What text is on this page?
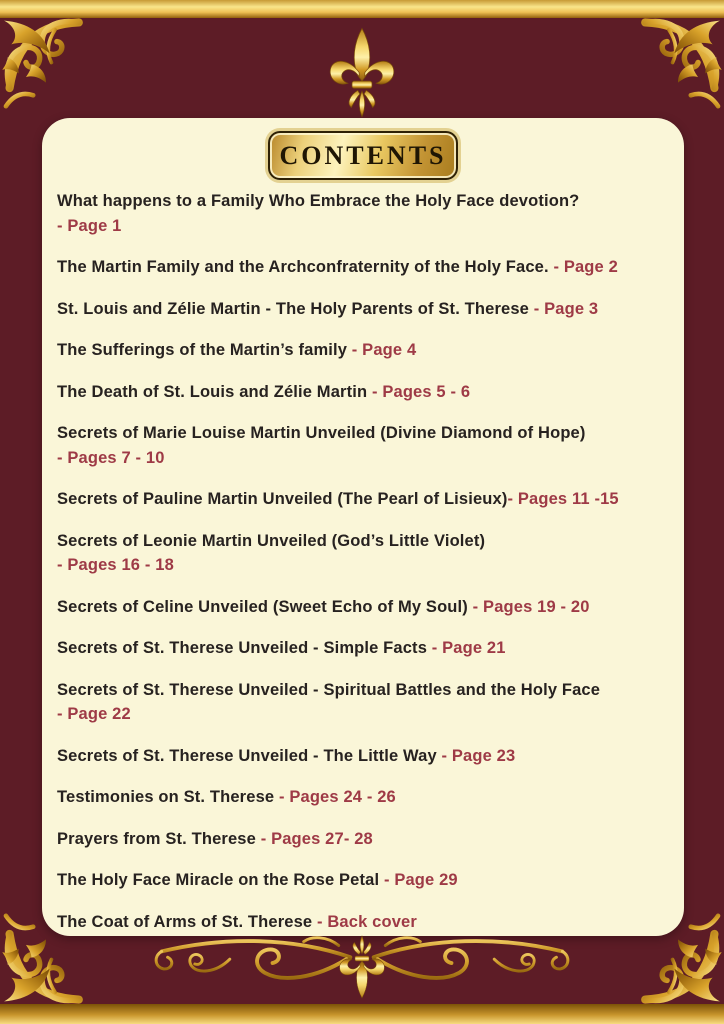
CONTENTS
What happens to a Family Who Embrace the Holy Face devotion?
- Page 1
The Martin Family and the Archconfraternity of the Holy Face. - Page 2
St. Louis and Zélie Martin - The Holy Parents of St. Therese - Page 3
The Sufferings of the Martin’s family - Page 4
The Death of St. Louis and Zélie Martin - Pages 5 - 6
Secrets of Marie Louise Martin Unveiled (Divine Diamond of Hope)
- Pages 7 - 10
Secrets of Pauline Martin Unveiled (The Pearl of Lisieux)- Pages 11 -15
Secrets of Leonie Martin Unveiled (God’s Little Violet)
- Pages 16 - 18
Secrets of Celine Unveiled (Sweet Echo of My Soul) - Pages 19 - 20
Secrets of St. Therese Unveiled - Simple Facts - Page 21
Secrets of St. Therese Unveiled - Spiritual Battles and the Holy Face
- Page 22
Secrets of St. Therese Unveiled - The Little Way - Page 23
Testimonies on St. Therese - Pages 24 - 26
Prayers from St. Therese - Pages 27- 28
The Holy Face Miracle on the Rose Petal - Page 29
The Coat of Arms of St. Therese - Back cover
